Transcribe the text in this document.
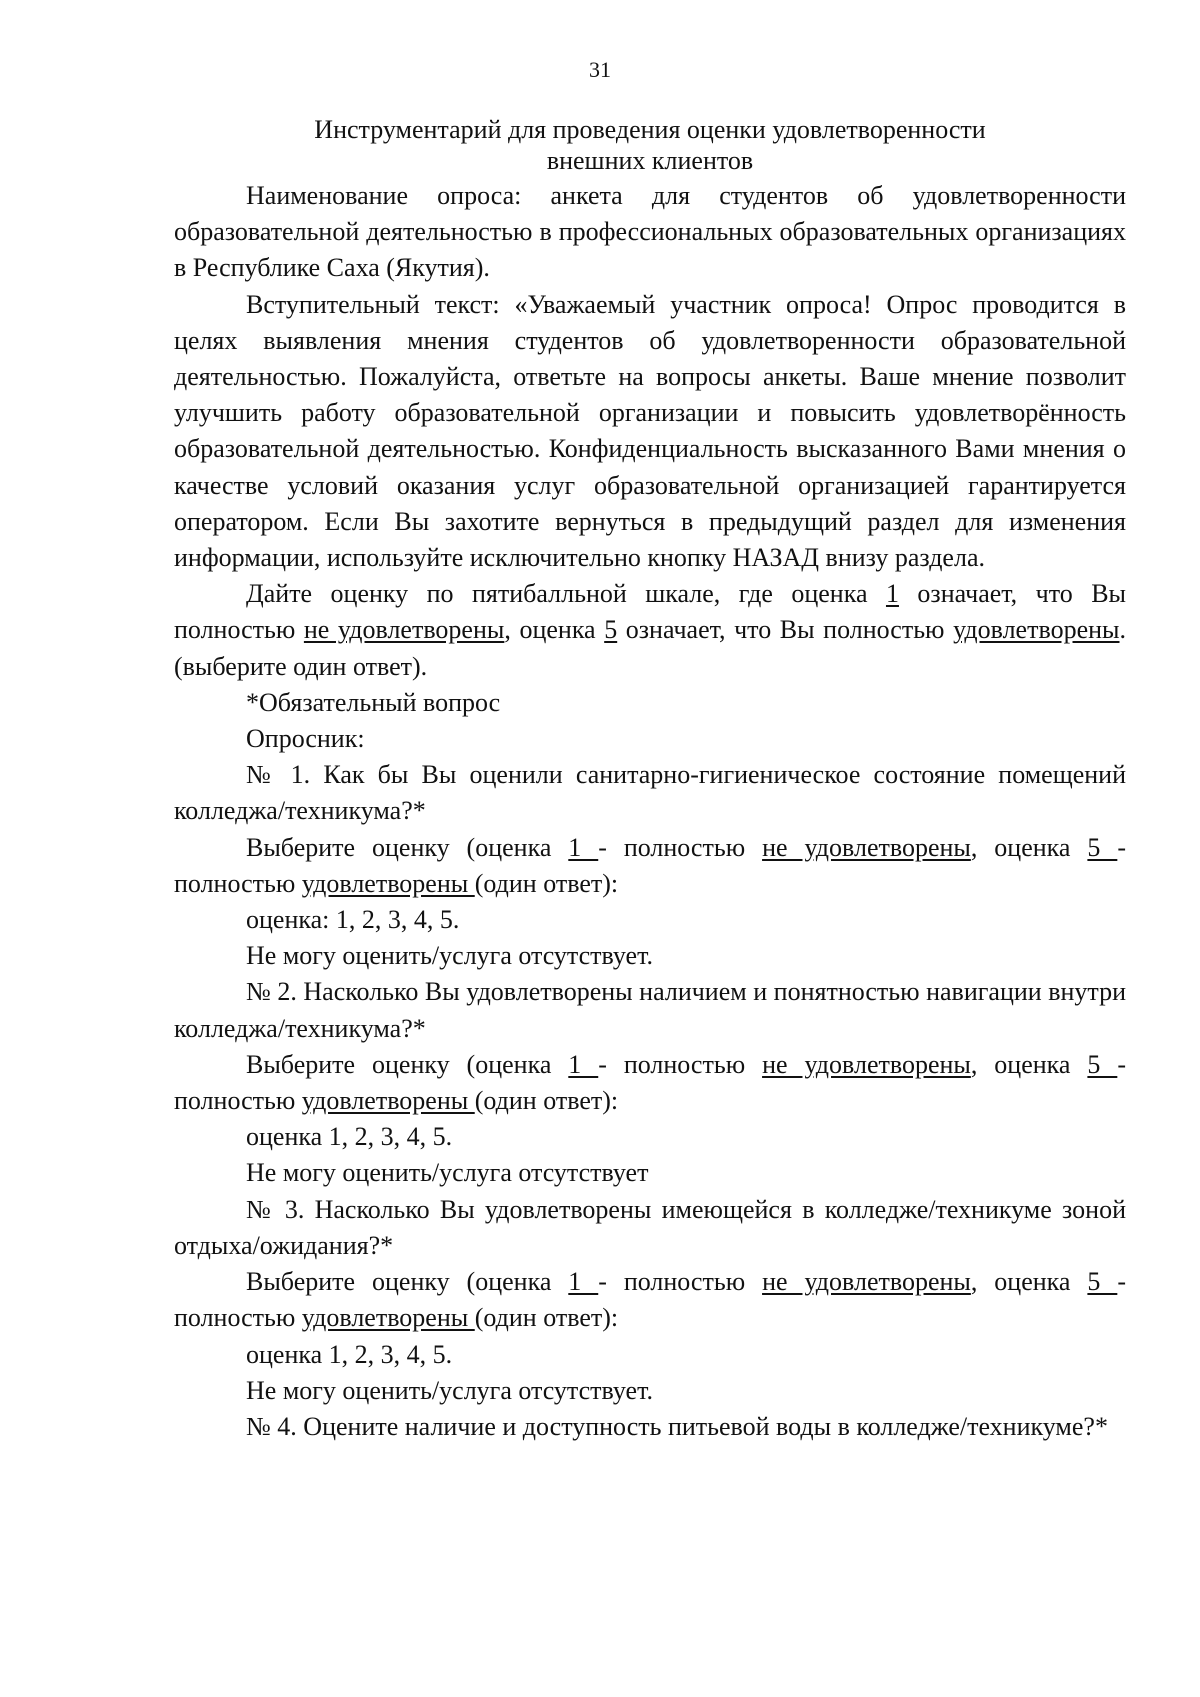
31
Инструментарий для проведения оценки удовлетворенности
внешних клиентов

Наименование опроса: анкета для студентов об удовлетворенности образовательной деятельностью в профессиональных образовательных организациях в Республике Саха (Якутия).

Вступительный текст: «Уважаемый участник опроса! Опрос проводится в целях выявления мнения студентов об удовлетворенности образовательной деятельностью. Пожалуйста, ответьте на вопросы анкеты. Ваше мнение позволит улучшить работу образовательной организации и повысить удовлетворённость образовательной деятельностью. Конфиденциальность высказанного Вами мнения о качестве условий оказания услуг образовательной организацией гарантируется оператором. Если Вы захотите вернуться в предыдущий раздел для изменения информации, используйте исключительно кнопку НАЗАД внизу раздела.

Дайте оценку по пятибалльной шкале, где оценка 1 означает, что Вы полностью не удовлетворены, оценка 5 означает, что Вы полностью удовлетворены. (выберите один ответ).

*Обязательный вопрос

Опросник:

№ 1. Как бы Вы оценили санитарно-гигиеническое состояние помещений колледжа/техникума?*

Выберите оценку (оценка 1 - полностью не удовлетворены, оценка 5 - полностью удовлетворены (один ответ):

оценка: 1, 2, 3, 4, 5.

Не могу оценить/услуга отсутствует.

№ 2. Насколько Вы удовлетворены наличием и понятностью навигации внутри колледжа/техникума?*

Выберите оценку (оценка 1 - полностью не удовлетворены, оценка 5 - полностью удовлетворены (один ответ):

оценка 1, 2, 3, 4, 5.

Не могу оценить/услуга отсутствует

№ 3. Насколько Вы удовлетворены имеющейся в колледже/техникуме зоной отдыха/ожидания?*

Выберите оценку (оценка 1 - полностью не удовлетворены, оценка 5 - полностью удовлетворены (один ответ):

оценка 1, 2, 3, 4, 5.

Не могу оценить/услуга отсутствует.

№ 4. Оцените наличие и доступность питьевой воды в колледже/техникуме?*
